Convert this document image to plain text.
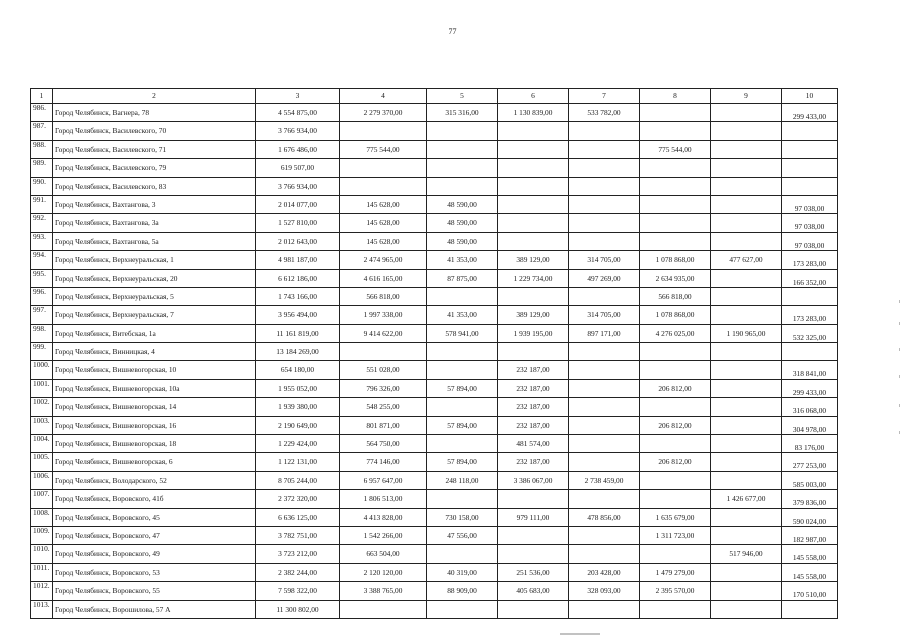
77
1	2	3	4	5	6	7	8	9	10
986.	Город Челябинск, Вагнера, 78	4 554 875,00	2 279 370,00	315 316,00	1 130 839,00	533 782,00			299 433,00
987.	Город Челябинск, Василевского, 70	3 766 934,00							
988.	Город Челябинск, Василевского, 71	1 676 486,00	775 544,00				775 544,00		
989.	Город Челябинск, Василевского, 79	619 507,00							
990.	Город Челябинск, Василевского, 83	3 766 934,00							
991.	Город Челябинск, Вахтангова, 3	2 014 077,00	145 628,00	48 590,00					97 038,00
992.	Город Челябинск, Вахтангова, 3а	1 527 810,00	145 628,00	48 590,00					97 038,00
993.	Город Челябинск, Вахтангова, 5а	2 012 643,00	145 628,00	48 590,00					97 038,00
994.	Город Челябинск, Верхнеуральская, 1	4 981 187,00	2 474 965,00	41 353,00	389 129,00	314 705,00	1 078 868,00	477 627,00	173 283,00
995.	Город Челябинск, Верхнеуральская, 20	6 612 186,00	4 616 165,00	87 875,00	1 229 734,00	497 269,00	2 634 935,00		166 352,00
996.	Город Челябинск, Верхнеуральская, 5	1 743 166,00	566 818,00				566 818,00		
997.	Город Челябинск, Верхнеуральская, 7	3 956 494,00	1 997 338,00	41 353,00	389 129,00	314 705,00	1 078 868,00		173 283,00
998.	Город Челябинск, Витебская, 1а	11 161 819,00	9 414 622,00	578 941,00	1 939 195,00	897 171,00	4 276 025,00	1 190 965,00	532 325,00
999.	Город Челябинск, Винницкая, 4	13 184 269,00							
1000.	Город Челябинск, Вишневогорская, 10	654 180,00	551 028,00		232 187,00				318 841,00
1001.	Город Челябинск, Вишневогорская, 10а	1 955 052,00	796 326,00	57 894,00	232 187,00		206 812,00		299 433,00
1002.	Город Челябинск, Вишневогорская, 14	1 939 380,00	548 255,00		232 187,00				316 068,00
1003.	Город Челябинск, Вишневогорская, 16	2 190 649,00	801 871,00	57 894,00	232 187,00		206 812,00		304 978,00
1004.	Город Челябинск, Вишневогорская, 18	1 229 424,00	564 750,00		481 574,00				83 176,00
1005.	Город Челябинск, Вишневогорская, 6	1 122 131,00	774 146,00	57 894,00	232 187,00		206 812,00		277 253,00
1006.	Город Челябинск, Володарского, 52	8 705 244,00	6 957 647,00	248 118,00	3 386 067,00	2 738 459,00			585 003,00
1007.	Город Челябинск, Воровского, 41б	2 372 320,00	1 806 513,00					1 426 677,00	379 836,00
1008.	Город Челябинск, Воровского, 45	6 636 125,00	4 413 828,00	730 158,00	979 111,00	478 856,00	1 635 679,00		590 024,00
1009.	Город Челябинск, Воровского, 47	3 782 751,00	1 542 266,00	47 556,00			1 311 723,00		182 987,00
1010.	Город Челябинск, Воровского, 49	3 723 212,00	663 504,00					517 946,00	145 558,00
1011.	Город Челябинск, Воровского, 53	2 382 244,00	2 120 120,00	40 319,00	251 536,00	203 428,00	1 479 279,00		145 558,00
1012.	Город Челябинск, Воровского, 55	7 598 322,00	3 388 765,00	88 909,00	405 683,00	328 093,00	2 395 570,00		170 510,00
1013.	Город Челябинск, Ворошилова, 57 А	11 300 802,00							
